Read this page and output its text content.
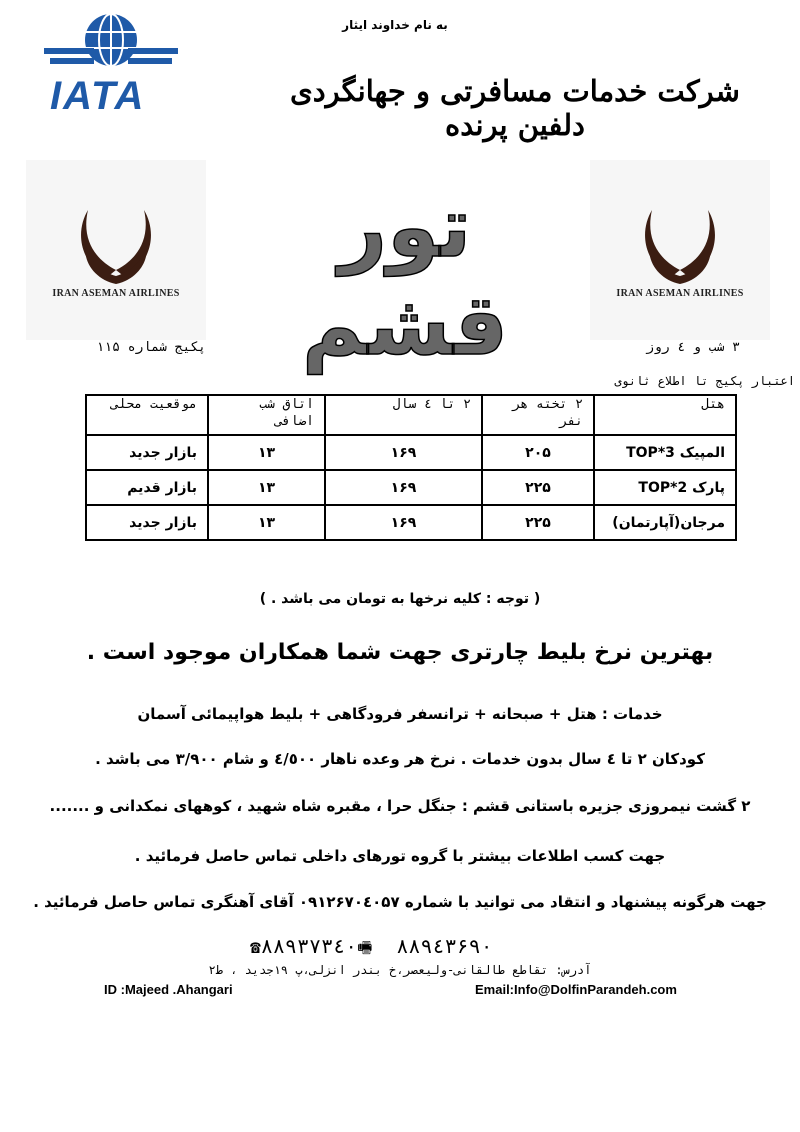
به نام خداوند ایثار
IATA	شرکت خدمات مسافرتی و جهانگردی دلفین پرنده
IRAN ASEMAN AIRLINES
تور قشم	IRAN ASEMAN AIRLINES
پکیج شماره ۱۱۵	۳ شب و ٤ روز
اعتبار پکیج تا اطلاع ثانوی
هتل	۲ تخته هر نفر	۲ تا ٤ سال	اتاق شب اضافی	موقعیت محلی
المپیک 3*TOP	۲۰۵	۱۶۹	۱۳	بازار جدید
پارک 2*TOP	۲۲۵	۱۶۹	۱۳	بازار قدیم
مرجان(آپارتمان)	۲۲۵	۱۶۹	۱۳	بازار جدید
( توجه : کلیه نرخها به تومان می باشد . )
بهترین نرخ بلیط چارتری جهت شما همکاران موجود است .
خدمات : هتل + صبحانه + ترانسفر فرودگاهی + بلیط هواپیمائی آسمان
کودکان ۲ تا ٤ سال بدون خدمات . نرخ هر وعده ناهار ٤/٥۰۰ و شام ۳/۹۰۰ می باشد .
۲ گشت نیمروزی جزیره باستانی قشم : جنگل حرا ، مقبره شاه شهید ، کوههای نمکدانی و .......
جهت کسب اطلاعات بیشتر با گروه تورهای داخلی تماس حاصل فرمائید .
جهت هرگونه پیشنهاد و انتقاد می توانید با شماره ۰۹۱۲۶۷۰٤۰۵۷ آقای آهنگری تماس حاصل فرمائید .
☎۸۸۹۳۷۳٤۰🖷 ۸۸۹٤۳۶۹۰
آدرس: تقاطع طالقانی-ولیعصر،خ بندر انزلی،پ ۱۹جدید ، ط۲
ID :Majeed .Ahangari	Email:Info@DolfinParandeh.com
